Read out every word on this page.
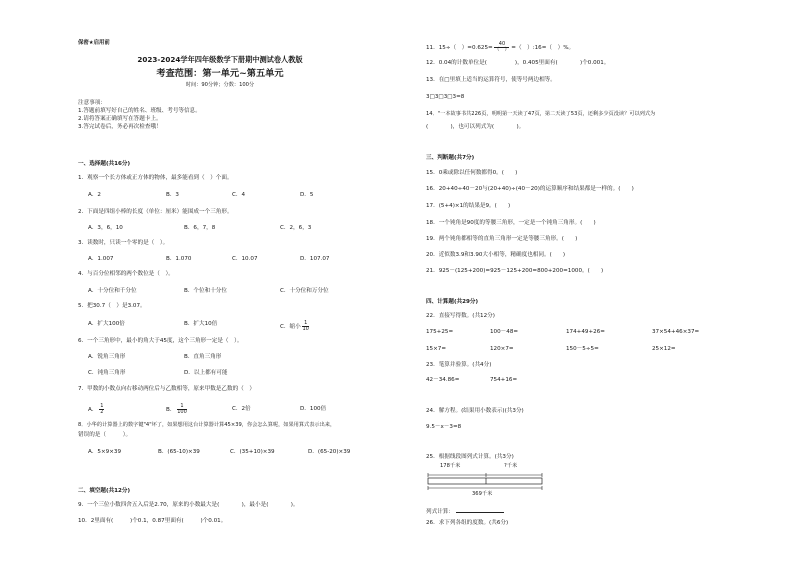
保密★启用前
2023-2024学年四年级数学下册期中测试卷人教版
考查范围：第一单元~第五单元
时间：90分钟；分数：100分
注意事项：
1.答题前填写好自己的姓名、班级、考号等信息。
2.请将答案正确填写在答题卡上。
3.答完试卷后，务必再次检查哦！
一、选择题(共16分)
1．观察一个长方体或正方体的物体，最多能看到（　）个面。
A．2	B．3	C．4	D．5
2．下面是四组小棒的长度（单位：厘米）能围成一个三角形。
A．3，6，10	B．6，7，8	C．2，6，3
3．读数时，只读一个零的是（　）。
A．1.007	B．1.070	C．10.07	D．107.07
4．与百分位相邻的两个数位是（　）。
A．十分位和千分位	B．个位和十分位	C．十分位和万分位
5．把30.7（　）是3.07。
A．扩大100倍	B．扩大10倍	C．缩小 $\frac{1}{10}$
6．一个三角形中，最小的角大于45度，这个三角形一定是（　）。
A．锐角三角形	B．直角三角形
C．钝角三角形	D．以上都有可能
7．甲数的小数点向右移动两位后与乙数相等，原来甲数是乙数的（　）
A． $\frac{1}{2}$	B． $\frac{1}{100}$	C．2倍	D．100倍
8．小华的计算器上的数字键"4"坏了，如果想用这台计算器计算45×39，你会怎么算呢，如果用算式表示出来，
错误的是（　　　）。
A．5×9×39	B．(65-10)×39	C．(35+10)×39	D．(65-20)×39
二、填空题(共12分)
9．一个三位小数四舍五入后是2.70，原来的小数最大是(　　　　)，最小是(　　　　)。
10．2里面有(　　　)个0.1，0.87里面有(　　　)个0.01。
11．15÷（　）$=0.625= \frac{40}{( )}$ =（　）:16=（　）%。
12．0.04的计数单位是(　　　　　)，0.405里面有(　　　　)个0.001。
13．在□里填上适当的运算符号，使等号两边相等。
3□3□3□3=8
14．"一本故事书共226页，明明第一天读了47页，第二天读了53页，还剩多少页没读？可以列式为
(　　　　)，也可以列式为(　　　　)。
三、判断题(共7分)
15．0乘或除以任何数都得0。(　　)
16．20+40÷40－20与(20+40)÷(40－20)的运算顺序和结果都是一样的。(　　)
17．(5+4)×1的结果是9。(　　)
18．一个钝角是90度的等腰三角形，一定是一个钝角三角形。(　　)
19．两个钝角都相等的直角三角形一定是等腰三角形。(　　)
20．近似数3.9和3.90大小相等，精确度也相同。(　　)
21．925－(125+200)=925－125+200=800+200=1000。(　　)
四、计算题(共29分)
22．直接写得数。(共12分)
175+25=	100－48=	174+49+26=	37×54+46×37=
15×7=	120×7=	150－5÷5=	25×12=
23．笔算并验算。(共4分)
42－34.86=	754+16=
24．解方程。(结果用小数表示)(共3分)
9.5－x－3=8
25．根据线段图列式计算。(共3分)
178千米	?千米
369千米
列式计算：
26．求下列各组的度数。(共6分)
